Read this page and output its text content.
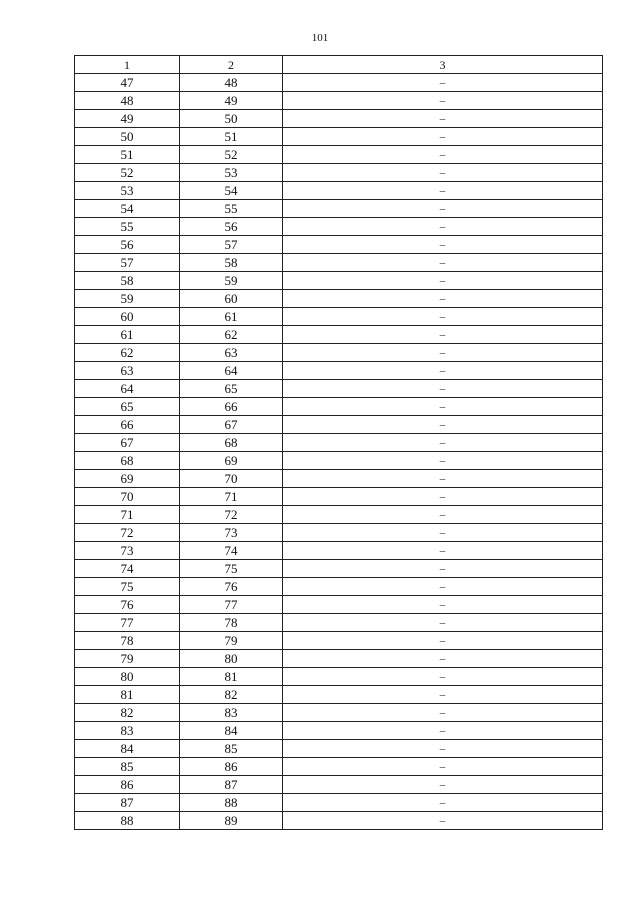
101
1	2	3
47	48	–
48	49	–
49	50	–
50	51	–
51	52	–
52	53	–
53	54	–
54	55	–
55	56	–
56	57	–
57	58	–
58	59	–
59	60	–
60	61	–
61	62	–
62	63	–
63	64	–
64	65	–
65	66	–
66	67	–
67	68	–
68	69	–
69	70	–
70	71	–
71	72	–
72	73	–
73	74	–
74	75	–
75	76	–
76	77	–
77	78	–
78	79	–
79	80	–
80	81	–
81	82	–
82	83	–
83	84	–
84	85	–
85	86	–
86	87	–
87	88	–
88	89	–
